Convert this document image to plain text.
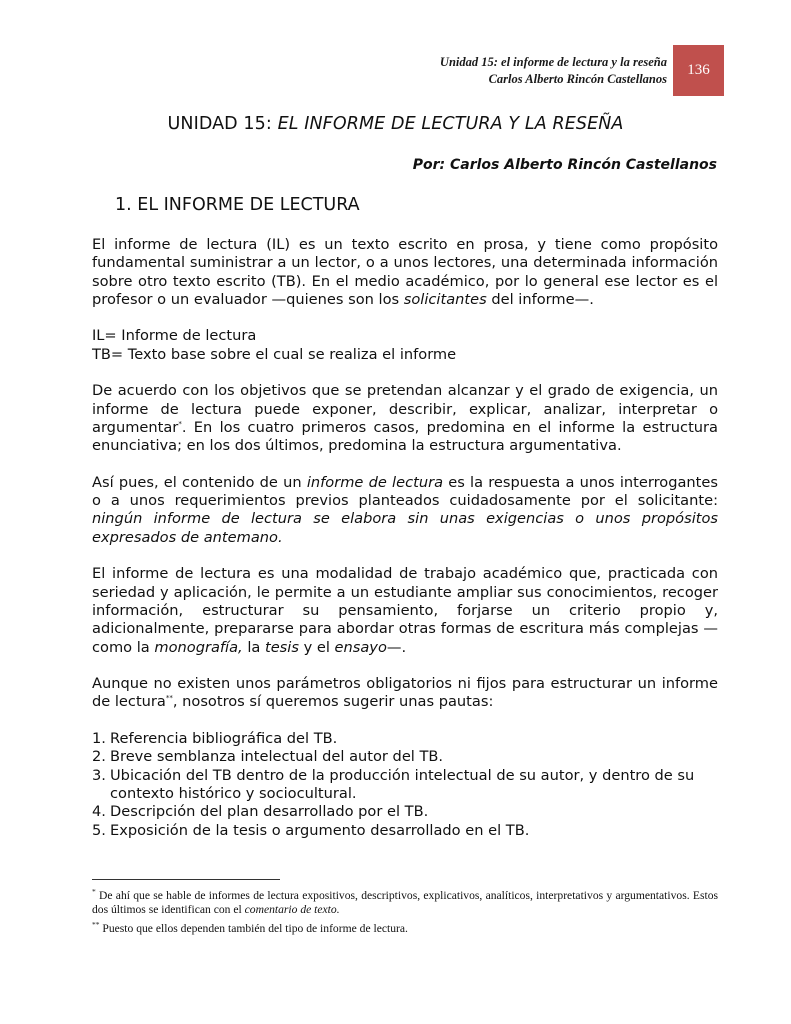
Unidad 15: el informe de lectura y la reseña
Carlos Alberto Rincón Castellanos
136
UNIDAD 15: EL INFORME DE LECTURA Y LA RESEÑA
Por: Carlos Alberto Rincón Castellanos
1. EL INFORME DE LECTURA

El informe de lectura (IL) es un texto escrito en prosa, y tiene como propósito fundamental suministrar a un lector, o a unos lectores, una determinada información sobre otro texto escrito (TB). En el medio académico, por lo general ese lector es el profesor o un evaluador —quienes son los solicitantes del informe—.

IL= Informe de lectura
TB= Texto base sobre el cual se realiza el informe

De acuerdo con los objetivos que se pretendan alcanzar y el grado de exigencia, un informe de lectura puede exponer, describir, explicar, analizar, interpretar o argumentar*. En los cuatro primeros casos, predomina en el informe la estructura enunciativa; en los dos últimos, predomina la estructura argumentativa.

Así pues, el contenido de un informe de lectura es la respuesta a unos interrogantes o a unos requerimientos previos planteados cuidadosamente por el solicitante: ningún informe de lectura se elabora sin unas exigencias o unos propósitos expresados de antemano.

El informe de lectura es una modalidad de trabajo académico que, practicada con seriedad y aplicación, le permite a un estudiante ampliar sus conocimientos, recoger información, estructurar su pensamiento, forjarse un criterio propio y, adicionalmente, prepararse para abordar otras formas de escritura más complejas —como la monografía, la tesis y el ensayo—.

Aunque no existen unos parámetros obligatorios ni fijos para estructurar un informe de lectura**, nosotros sí queremos sugerir unas pautas:

1. Referencia bibliográfica del TB.
2. Breve semblanza intelectual del autor del TB.
3. Ubicación del TB dentro de la producción intelectual de su autor, y dentro de su contexto histórico y sociocultural.
4. Descripción del plan desarrollado por el TB.
5. Exposición de la tesis o argumento desarrollado en el TB.

* De ahí que se hable de informes de lectura expositivos, descriptivos, explicativos, analíticos, interpretativos y argumentativos. Estos dos últimos se identifican con el comentario de texto.

** Puesto que ellos dependen también del tipo de informe de lectura.
